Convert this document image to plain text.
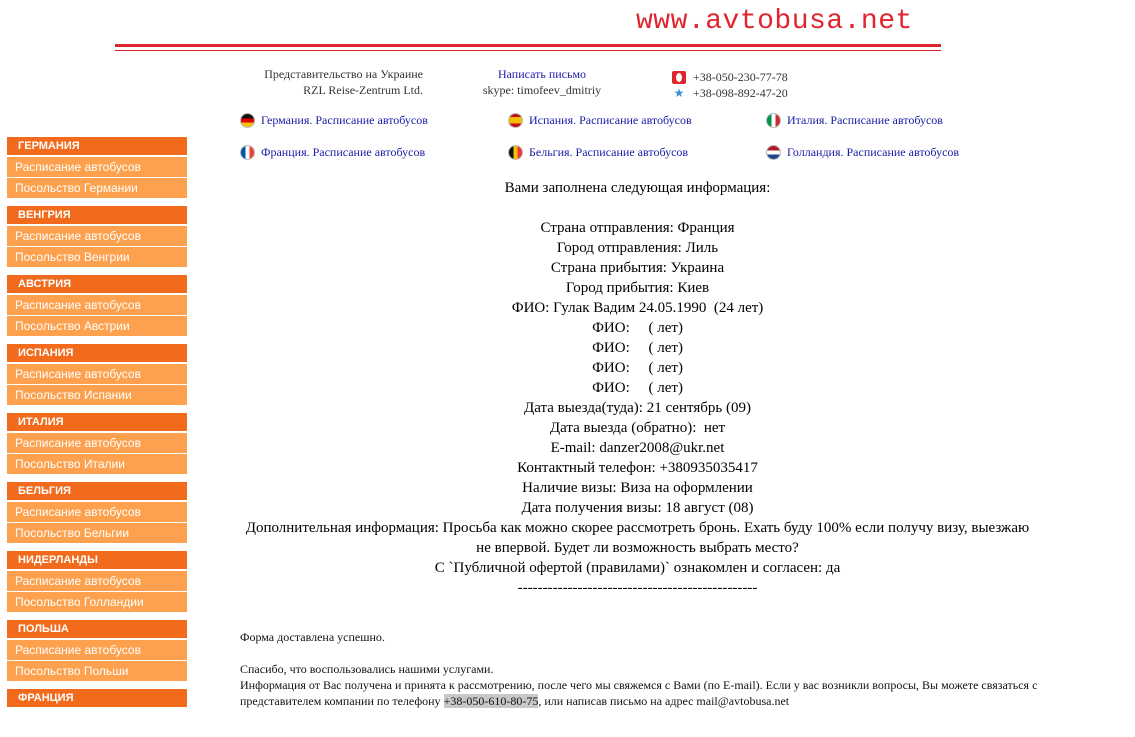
www.avtobusa.net
Представительство на Украине
RZL Reise-Zentrum Ltd.
Написать письмо
skype: timofeev_dmitriy
+38-050-230-77-78
★ +38-098-892-47-20
Германия. Расписание автобусов	Испания. Расписание автобусов	Италия. Расписание автобусов
Франция. Расписание автобусов	Бельгия. Расписание автобусов	Голландия. Расписание автобусов
ГЕРМАНИЯ
Расписание автобусов
Посольство Германии
ВЕНГРИЯ
Расписание автобусов
Посольство Венгрии
АВСТРИЯ
Расписание автобусов
Посольство Австрии
ИСПАНИЯ
Расписание автобусов
Посольство Испании
ИТАЛИЯ
Расписание автобусов
Посольство Италии
БЕЛЬГИЯ
Расписание автобусов
Посольство Бельгии
НИДЕРЛАНДЫ
Расписание автобусов
Посольство Голландии
ПОЛЬША
Расписание автобусов
Посольство Польши
ФРАНЦИЯ
Вами заполнена следующая информация:
Страна отправления: Франция
Город отправления: Лиль
Страна прибытия: Украина
Город прибытия: Киев
ФИО: Гулак Вадим 24.05.1990  (24 лет)
ФИО:     ( лет)
ФИО:     ( лет)
ФИО:     ( лет)
ФИО:     ( лет)
Дата выезда(туда): 21 сентябрь (09)
Дата выезда (обратно):  нет
E-mail: danzer2008@ukr.net
Контактный телефон: +380935035417
Наличие визы: Виза на оформлении
Дата получения визы: 18 август (08)
Дополнительная информация: Просьба как можно скорее рассмотреть бронь. Ехать буду 100% если получу визу, выезжаю не впервой. Будет ли возможность выбрать место?
С `Публичной офертой (правилами)` ознакомлен и согласен: да
------------------------------------------------
Форма доставлена успешно.
Спасибо, что воспользовались нашими услугами.
Информация от Вас получена и принята к рассмотрению, после чего мы свяжемся с Вами (по E-mail). Если у вас возникли вопросы, Вы можете связаться с представителем компании по телефону +38-050-610-80-75, или написав письмо на адрес mail@avtobusa.net
